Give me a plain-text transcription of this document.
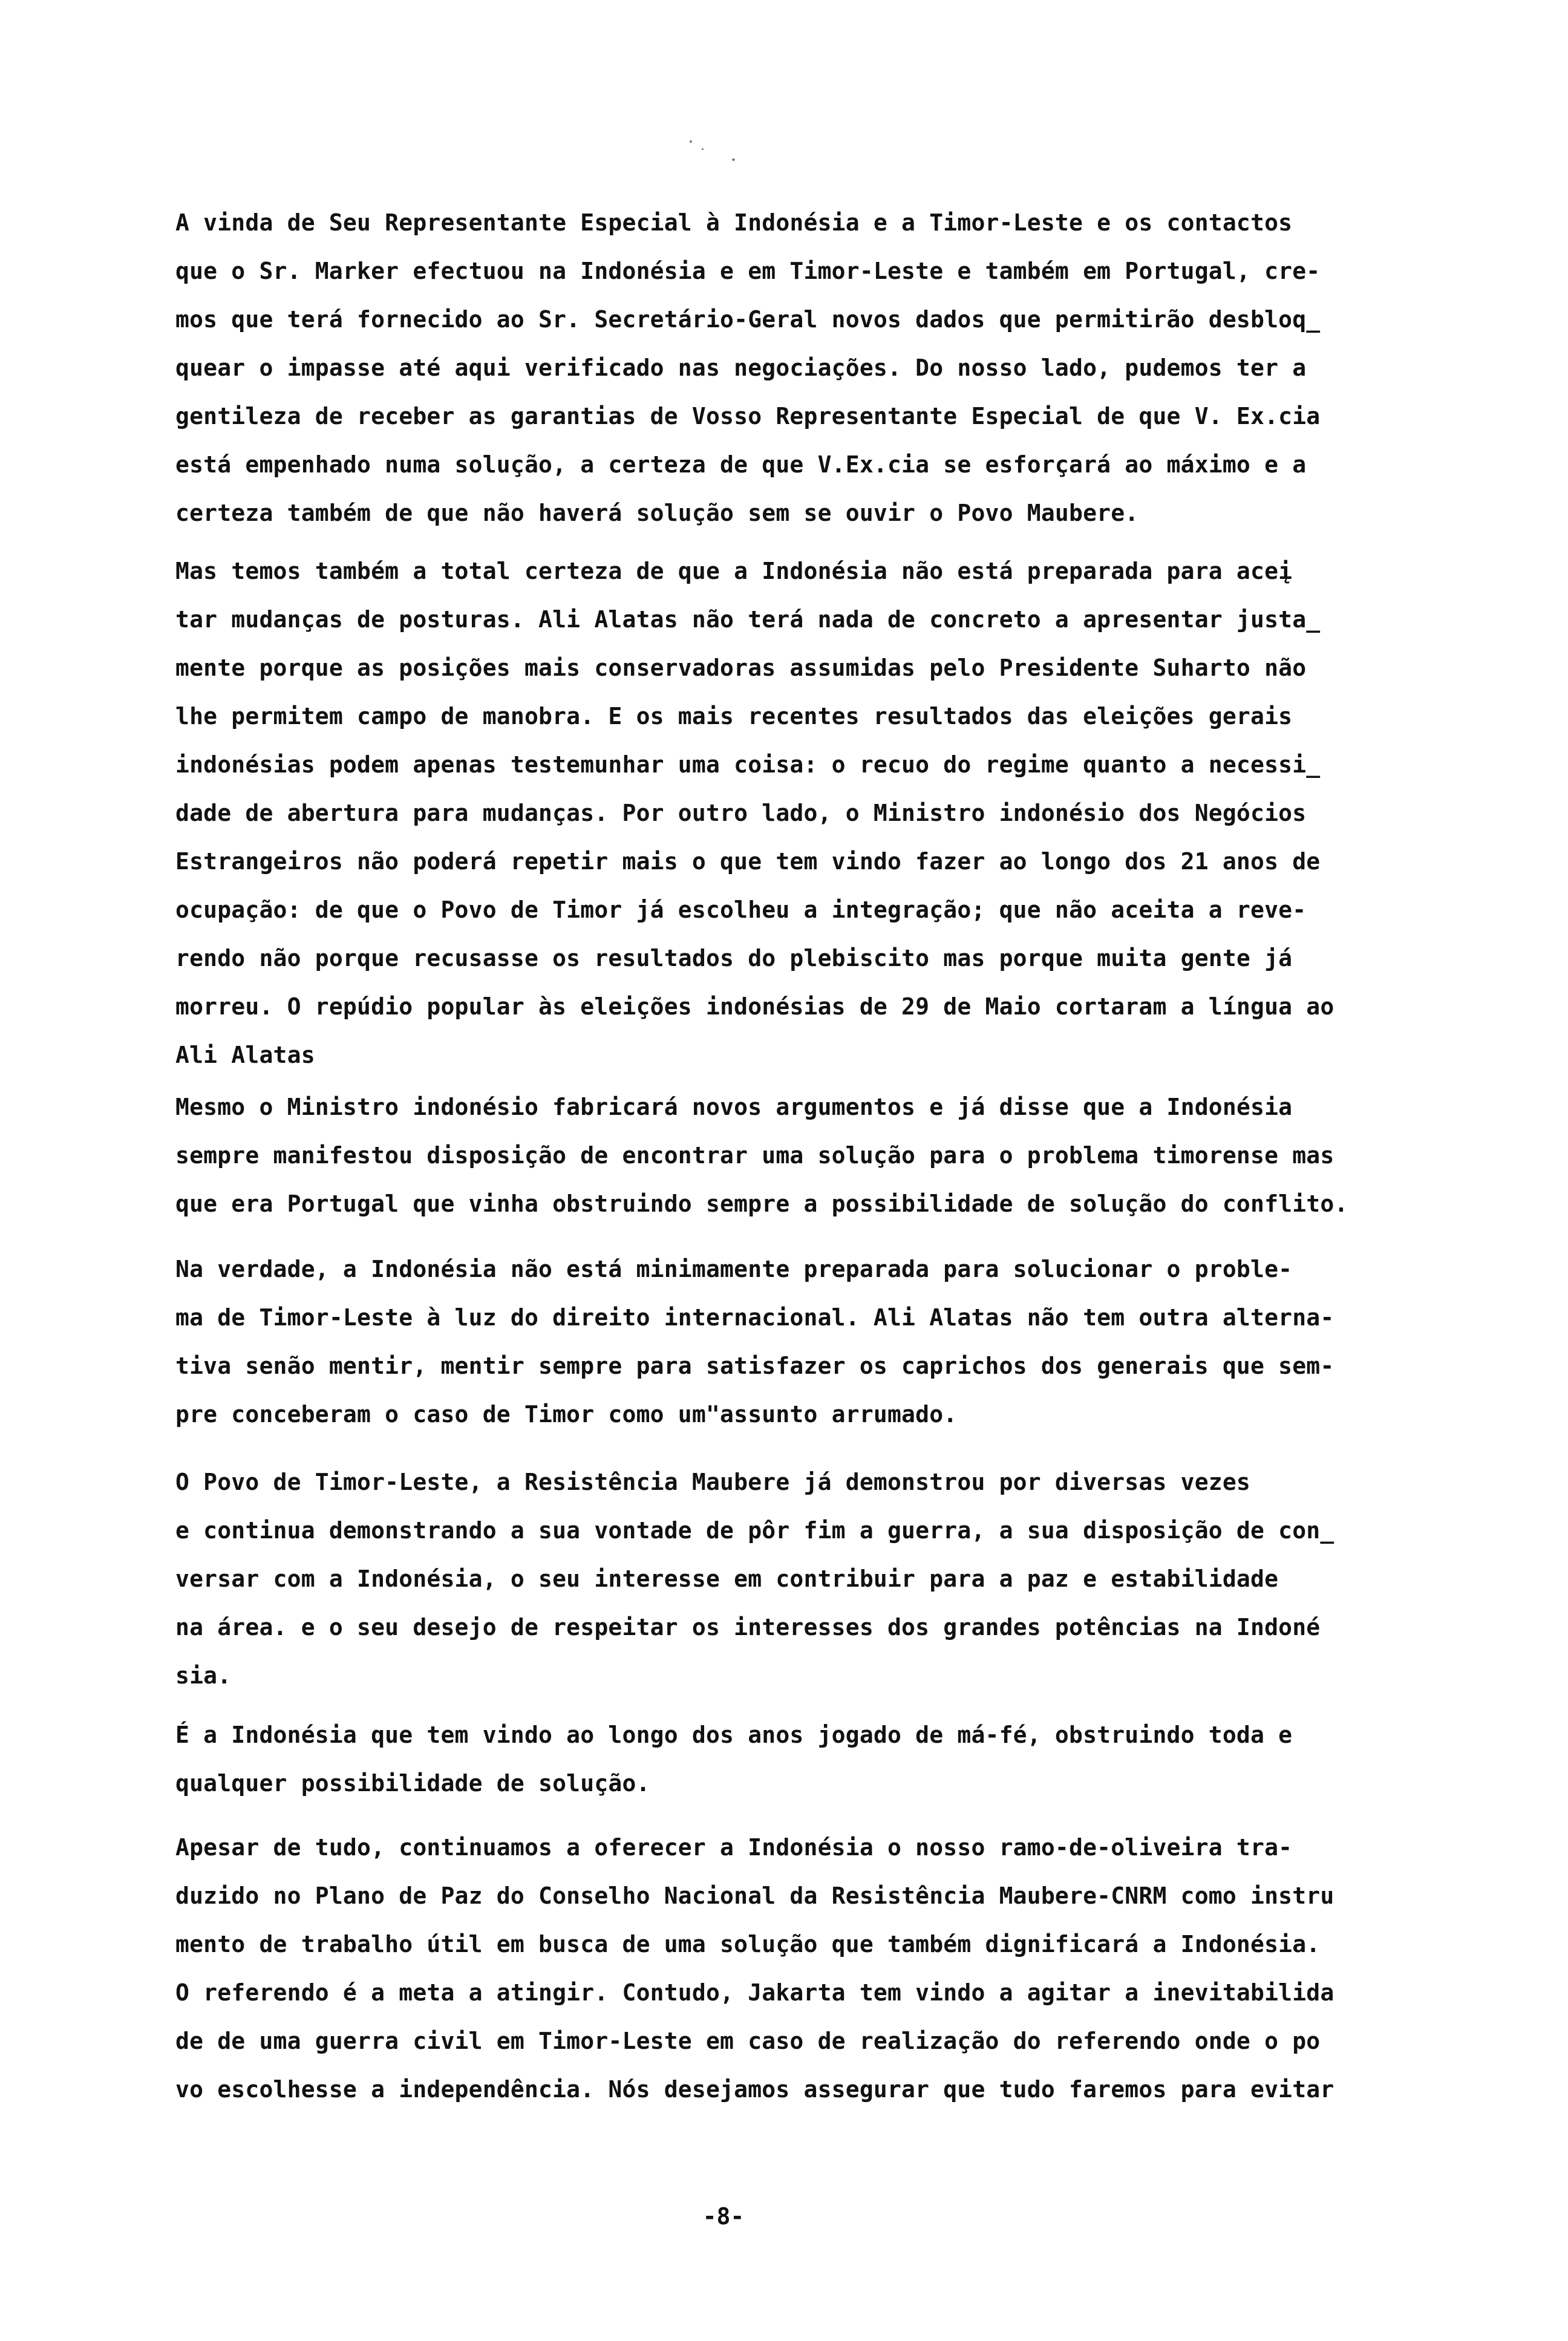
A vinda de Seu Representante Especial à Indonésia e a Timor-Leste e os contactos
que o Sr. Marker efectuou na Indonésia e em Timor-Leste e também em Portugal, cre-
mos que terá fornecido ao Sr. Secretário-Geral novos dados que permitirão desbloq_
quear o impasse até aqui verificado nas negociações. Do nosso lado, pudemos ter a
gentileza de receber as garantias de Vosso Representante Especial de que V. Ex.cia
está empenhado numa solução, a certeza de que V.Ex.cia se esforçará ao máximo e a
certeza também de que não haverá solução sem se ouvir o Povo Maubere.
Mas temos também a total certeza de que a Indonésia não está preparada para aceį
tar mudanças de posturas. Ali Alatas não terá nada de concreto a apresentar justa_
mente porque as posições mais conservadoras assumidas pelo Presidente Suharto não
lhe permitem campo de manobra. E os mais recentes resultados das eleições gerais
indonésias podem apenas testemunhar uma coisa: o recuo do regime quanto a necessi_
dade de abertura para mudanças. Por outro lado, o Ministro indonésio dos Negócios
Estrangeiros não poderá repetir mais o que tem vindo fazer ao longo dos 21 anos de
ocupação: de que o Povo de Timor já escolheu a integração; que não aceita a reve-
rendo não porque recusasse os resultados do plebiscito mas porque muita gente já
morreu. O repúdio popular às eleições indonésias de 29 de Maio cortaram a língua ao
Ali Alatas
Mesmo o Ministro indonésio fabricará novos argumentos e já disse que a Indonésia
sempre manifestou disposição de encontrar uma solução para o problema timorense mas
que era Portugal que vinha obstruindo sempre a possibilidade de solução do conflito.
Na verdade, a Indonésia não está minimamente preparada para solucionar o proble-
ma de Timor-Leste à luz do direito internacional. Ali Alatas não tem outra alterna-
tiva senão mentir, mentir sempre para satisfazer os caprichos dos generais que sem-
pre conceberam o caso de Timor como um"assunto arrumado.
O Povo de Timor-Leste, a Resistência Maubere já demonstrou por diversas vezes
e continua demonstrando a sua vontade de pôr fim a guerra, a sua disposição de con_
versar com a Indonésia, o seu interesse em contribuir para a paz e estabilidade
na área. e o seu desejo de respeitar os interesses dos grandes potências na Indoné
sia.
É a Indonésia que tem vindo ao longo dos anos jogado de má-fé, obstruindo toda e
qualquer possibilidade de solução.
Apesar de tudo, continuamos a oferecer a Indonésia o nosso ramo-de-oliveira tra-
duzido no Plano de Paz do Conselho Nacional da Resistência Maubere-CNRM como instru
mento de trabalho útil em busca de uma solução que também dignificará a Indonésia.
O referendo é a meta a atingir. Contudo, Jakarta tem vindo a agitar a inevitabilida
de de uma guerra civil em Timor-Leste em caso de realização do referendo onde o po
vo escolhesse a independência. Nós desejamos assegurar que tudo faremos para evitar
-8-
